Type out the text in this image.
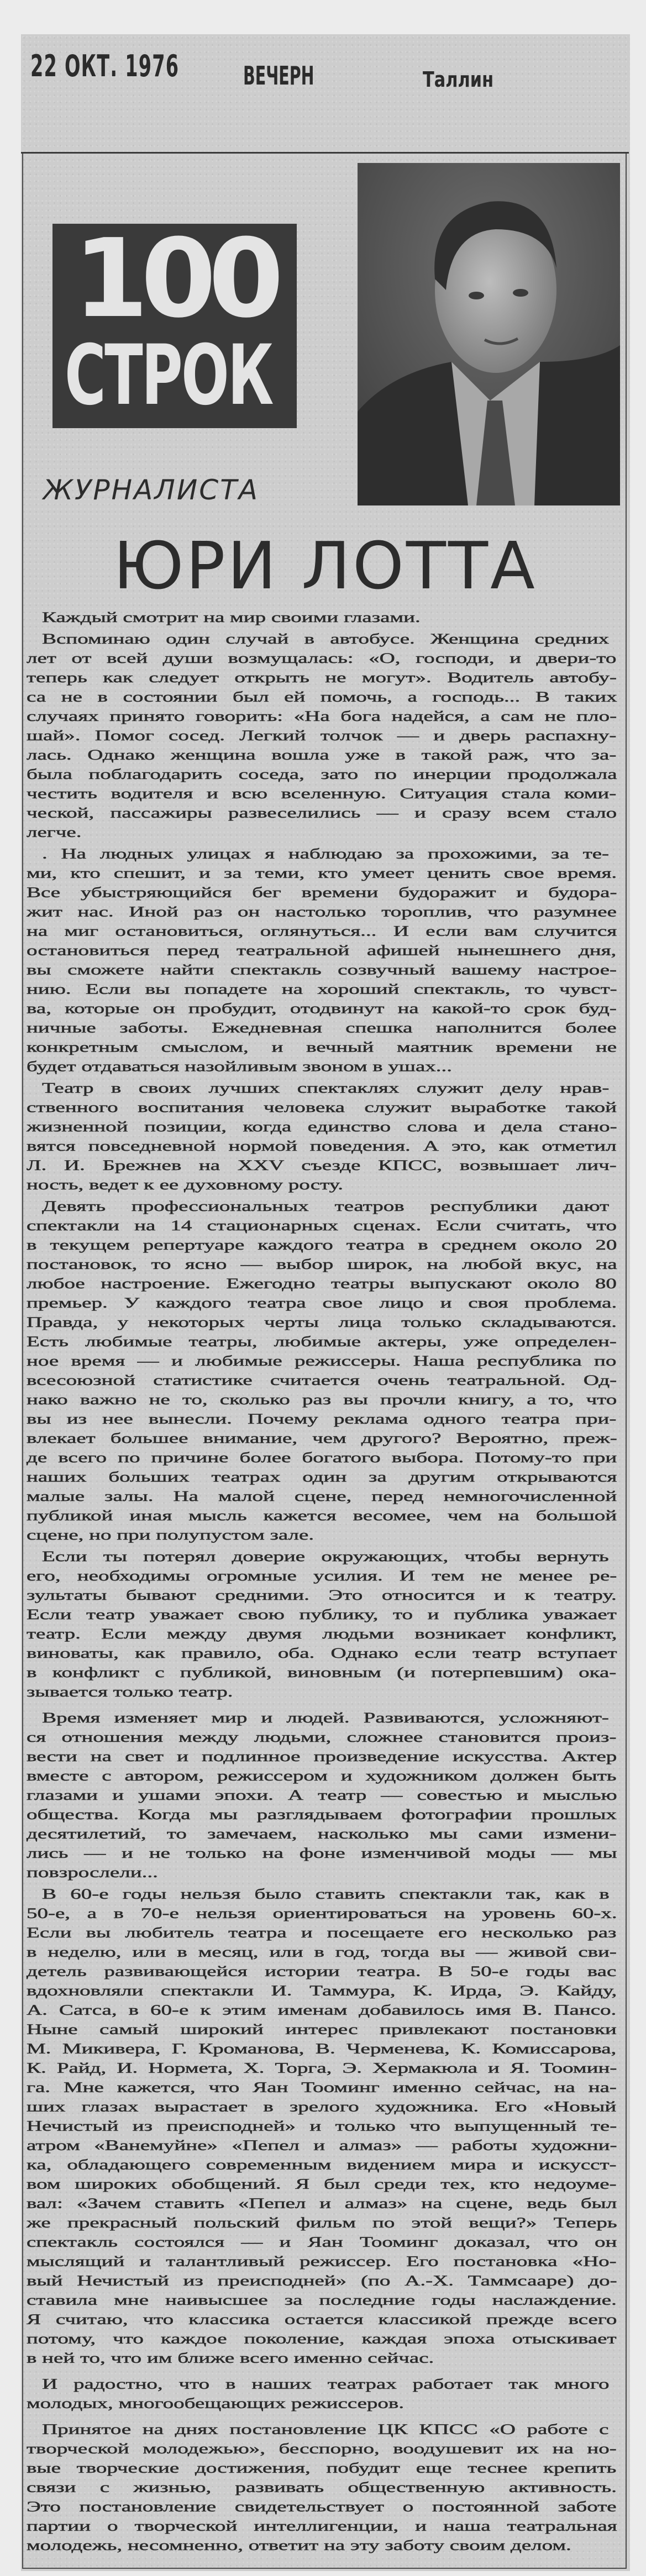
22 ОКТ. 1976	ВЕЧЕРН	Таллин
100
СТРОК
ЖУРНАЛИСТА
ЮРИ ЛОТТА
Каждый смотрит на мир своими глазами.
Вспоминаю один случай в автобусе. Женщина средних
лет от всей души возмущалась: «О, господи, и двери-то
теперь как следует открыть не могут». Водитель автобу-
са не в состоянии был ей помочь, а господь... В таких
случаях принято говорить: «На бога надейся, а сам не пло-
шай». Помог сосед. Легкий толчок — и дверь распахну-
лась. Однако женщина вошла уже в такой раж, что за-
была поблагодарить соседа, зато по инерции продолжала
честить водителя и всю вселенную. Ситуация стала коми-
ческой, пассажиры развеселились — и сразу всем стало
легче.
. На людных улицах я наблюдаю за прохожими, за те-
ми, кто спешит, и за теми, кто умеет ценить свое время.
Все убыстряющийся бег времени будоражит и будора-
жит нас. Иной раз он настолько тороплив, что разумнее
на миг остановиться, оглянуться... И если вам случится
остановиться перед театральной афишей нынешнего дня,
вы сможете найти спектакль созвучный вашему настрое-
нию. Если вы попадете на хороший спектакль, то чувст-
ва, которые он пробудит, отодвинут на какой-то срок буд-
ничные заботы. Ежедневная спешка наполнится более
конкретным смыслом, и вечный маятник времени не
будет отдаваться назойливым звоном в ушах...
Театр в своих лучших спектаклях служит делу нрав-
ственного воспитания человека служит выработке такой
жизненной позиции, когда единство слова и дела стано-
вятся повседневной нормой поведения. А это, как отметил
Л. И. Брежнев на XXV съезде КПСС, возвышает лич-
ность, ведет к ее духовному росту.
Девять профессиональных театров республики дают
спектакли на 14 стационарных сценах. Если считать, что
в текущем репертуаре каждого театра в среднем около 20
постановок, то ясно — выбор широк, на любой вкус, на
любое настроение. Ежегодно театры выпускают около 80
премьер. У каждого театра свое лицо и своя проблема.
Правда, у некоторых черты лица только складываются.
Есть любимые театры, любимые актеры, уже определен-
ное время — и любимые режиссеры. Наша республика по
всесоюзной статистике считается очень театральной. Од-
нако важно не то, сколько раз вы прочли книгу, а то, что
вы из нее вынесли. Почему реклама одного театра при-
влекает большее внимание, чем другого? Вероятно, преж-
де всего по причине более богатого выбора. Потому-то при
наших больших театрах один за другим открываются
малые залы. На малой сцене, перед немногочисленной
публикой иная мысль кажется весомее, чем на большой
сцене, но при полупустом зале.
Если ты потерял доверие окружающих, чтобы вернуть
его, необходимы огромные усилия. И тем не менее ре-
зультаты бывают средними. Это относится и к театру.
Если театр уважает свою публику, то и публика уважает
театр. Если между двумя людьми возникает конфликт,
виноваты, как правило, оба. Однако если театр вступает
в конфликт с публикой, виновным (и потерпевшим) ока-
зывается только театр.
Время изменяет мир и людей. Развиваются, усложняют-
ся отношения между людьми, сложнее становится произ-
вести на свет и подлинное произведение искусства. Актер
вместе с автором, режиссером и художником должен быть
глазами и ушами эпохи. А театр — совестью и мыслью
общества. Когда мы разглядываем фотографии прошлых
десятилетий, то замечаем, насколько мы сами измени-
лись — и не только на фоне изменчивой моды — мы
повзрослели...
В 60-е годы нельзя было ставить спектакли так, как в
50-е, а в 70-е нельзя ориентироваться на уровень 60-х.
Если вы любитель театра и посещаете его несколько раз
в неделю, или в месяц, или в год, тогда вы — живой сви-
детель развивающейся истории театра. В 50-е годы вас
вдохновляли спектакли И. Таммура, К. Ирда, Э. Кайду,
А. Сатса, в 60-е к этим именам добавилось имя В. Пансо.
Ныне самый широкий интерес привлекают постановки
М. Микивера, Г. Кроманова, В. Черменева, К. Комиссарова,
К. Райд, И. Нормета, Х. Торга, Э. Хермакюла и Я. Тоомин-
га. Мне кажется, что Яан Тооминг именно сейчас, на на-
ших глазах вырастает в зрелого художника. Его «Новый
Нечистый из преисподней» и только что выпущенный те-
атром «Ванемуйне» «Пепел и алмаз» — работы художни-
ка, обладающего современным видением мира и искусст-
вом широких обобщений. Я был среди тех, кто недоуме-
вал: «Зачем ставить «Пепел и алмаз» на сцене, ведь был
же прекрасный польский фильм по этой вещи?» Теперь
спектакль состоялся — и Яан Тооминг доказал, что он
мыслящий и талантливый режиссер. Его постановка «Но-
вый Нечистый из преисподней» (по А.-Х. Таммсааре) до-
ставила мне наивысшее за последние годы наслаждение.
Я считаю, что классика остается классикой прежде всего
потому, что каждое поколение, каждая эпоха отыскивает
в ней то, что им ближе всего именно сейчас.
И радостно, что в наших театрах работает так много
молодых, многообещающих режиссеров.
Принятое на днях постановление ЦК КПСС «О работе с
творческой молодежью», бесспорно, воодушевит их на но-
вые творческие достижения, побудит еще теснее крепить
связи с жизнью, развивать общественную активность.
Это постановление свидетельствует о постоянной заботе
партии о творческой интеллигенции, и наша театральная
молодежь, несомненно, ответит на эту заботу своим делом.
